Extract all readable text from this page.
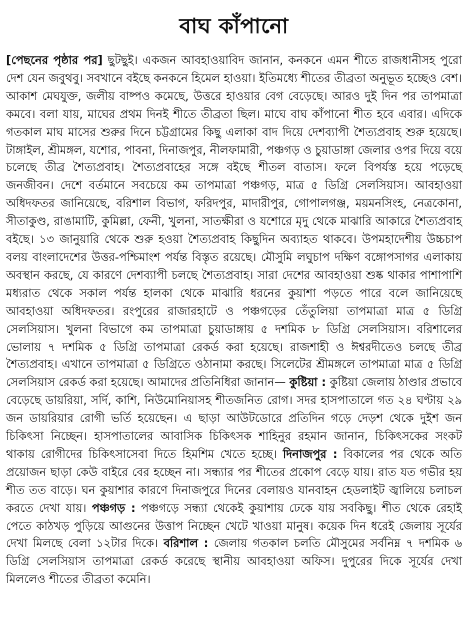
বাঘ কাঁপানো
[পেছনের পৃষ্ঠার পর] ছুটছুই। একজন আবহাওয়াবিদ জানান, কনকনে এমন শীতে রাজধানীসহ পুরো দেশ যেন জবুথবু। সবখানে বইছে কনকনে হিমেল হাওয়া। ইতিমধ্যে শীতের তীব্রতা অনুভূত হচ্ছেও বেশ। আকাশ মেঘযুক্ত, জলীয় বাষ্পও কমেছে, উত্তরে হাওয়ার বেগ বেড়েছে। আরও দুই দিন পর তাপমাত্রা কমবে। বলা যায়, মাঘের প্রথম দিনই শীতে তীব্রতা ছিল। মাঘে বাঘ কাঁপানো শীত হবে এবার। এদিকে গতকাল মাঘ মাসের শুরুর দিনে চট্টগ্রামের কিছু এলাকা বাদ দিয়ে দেশব্যাপী শৈত্যপ্রবাহ শুরু হয়েছে। টাঙ্গাইল, শ্রীমঙ্গল, যশোর, পাবনা, দিনাজপুর, নীলফামারী, পঞ্চগড় ও চুয়াডাঙ্গা জেলার ওপর দিয়ে বয়ে চলেছে তীব্র শৈত্যপ্রবাহ। শৈত্যপ্রবাহের সঙ্গে বইছে শীতল বাতাস। ফলে বিপর্যস্ত হয়ে পড়েছে জনজীবন। দেশে বর্তমানে সবচেয়ে কম তাপমাত্রা পঞ্চগড়, মাত্র ৫ ডিগ্রি সেলসিয়াস। আবহাওয়া অধিদফতর জানিয়েছে, বরিশাল বিভাগ, ফরিদপুর, মাদারীপুর, গোপালগঞ্জ, ময়মনসিংহ, নেত্রকোনা, সীতাকুণ্ড, রাঙামাটি, কুমিল্লা, ফেনী, খুলনা, সাতক্ষীরা ও যশোরে মৃদু থেকে মাঝারি আকারে শৈত্যপ্রবাহ বইছে। ১৩ জানুয়ারি থেকে শুরু হওয়া শৈত্যপ্রবাহ কিছুদিন অব্যাহত থাকবে। উপমহাদেশীয় উচ্চচাপ বলয় বাংলাদেশের উত্তর-পশ্চিমাংশ পর্যন্ত বিস্তৃত রয়েছে। মৌসুমি লঘুচাপ দক্ষিণ বঙ্গোপসাগর এলাকায় অবস্থান করছে, যে কারণে দেশব্যাপী চলছে শৈত্যপ্রবাহ। সারা দেশের আবহাওয়া শুষ্ক থাকার পাশাপাশি মধ্যরাত থেকে সকাল পর্যন্ত হালকা থেকে মাঝারি ধরনের কুয়াশা পড়তে পারে বলে জানিয়েছে আবহাওয়া অধিদফতর। রংপুরের রাজারহাটে ও পঞ্চগড়ের তেঁতুলিয়া তাপমাত্রা মাত্র ৫ ডিগ্রি সেলসিয়াস। খুলনা বিভাগে কম তাপমাত্রা চুয়াডাঙ্গায় ৫ দশমিক ৮ ডিগ্রি সেলসিয়াস। বরিশালের ভোলায় ৭ দশমিক ৫ ডিগ্রি তাপমাত্রা রেকর্ড করা হয়েছে। রাজশাহী ও ঈশ্বরদীতেও চলছে তীব্র শৈত্যপ্রবাহ। এখানে তাপমাত্রা ৫ ডিগ্রিতে ওঠানামা করছে। সিলেটের শ্রীমঙ্গলে তাপমাত্রা মাত্র ৫ ডিগ্রি সেলসিয়াস রেকর্ড করা হয়েছে। আমাদের প্রতিনিধিরা জানান— কুষ্টিয়া : কুষ্টিয়া জেলায় ঠাণ্ডার প্রভাবে বেড়েছে ডায়রিয়া, সর্দি, কাশি, নিউমোনিয়াসহ শীতজনিত রোগ। সদর হাসপাতালে গত ২৪ ঘণ্টায় ২৯ জন ডায়রিয়ার রোগী ভর্তি হয়েছেন। এ ছাড়া আউটডোরে প্রতিদিন গড়ে দেড়শ থেকে দুইশ জন চিকিৎসা নিচ্ছেন। হাসপাতালের আবাসিক চিকিৎসক শাহিনুর রহমান জানান, চিকিৎসকের সংকট থাকায় রোগীদের চিকিৎসাসেবা দিতে হিমশিম খেতে হচ্ছে। দিনাজপুর : বিকালের পর থেকে অতি প্রয়োজন ছাড়া কেউ বাইরে বের হচ্ছেন না। সন্ধ্যার পর শীতের প্রকোপ বেড়ে যায়। রাত যত গভীর হয় শীত তত বাড়ে। ঘন কুয়াশার কারণে দিনাজপুরে দিনের বেলায়ও যানবাহন হেডলাইট জ্বালিয়ে চলাচল করতে দেখা যায়। পঞ্চগড় : পঞ্চগড়ে সন্ধ্যা থেকেই কুয়াশায় ঢেকে যায় সবকিছু। শীত থেকে রেহাই পেতে কাঠখড় পুড়িয়ে আগুনের উত্তাপ নিচ্ছেন খেটে খাওয়া মানুষ। কয়েক দিন ধরেই জেলায় সূর্যের দেখা মিলছে বেলা ১২টার দিকে। বরিশাল : জেলায় গতকাল চলতি মৌসুমের সর্বনিম্ন ৭ দশমিক ৬ ডিগ্রি সেলসিয়াস তাপমাত্রা রেকর্ড করেছে স্থানীয় আবহাওয়া অফিস। দুপুরের দিকে সূর্যের দেখা মিললেও শীতের তীব্রতা কমেনি।
